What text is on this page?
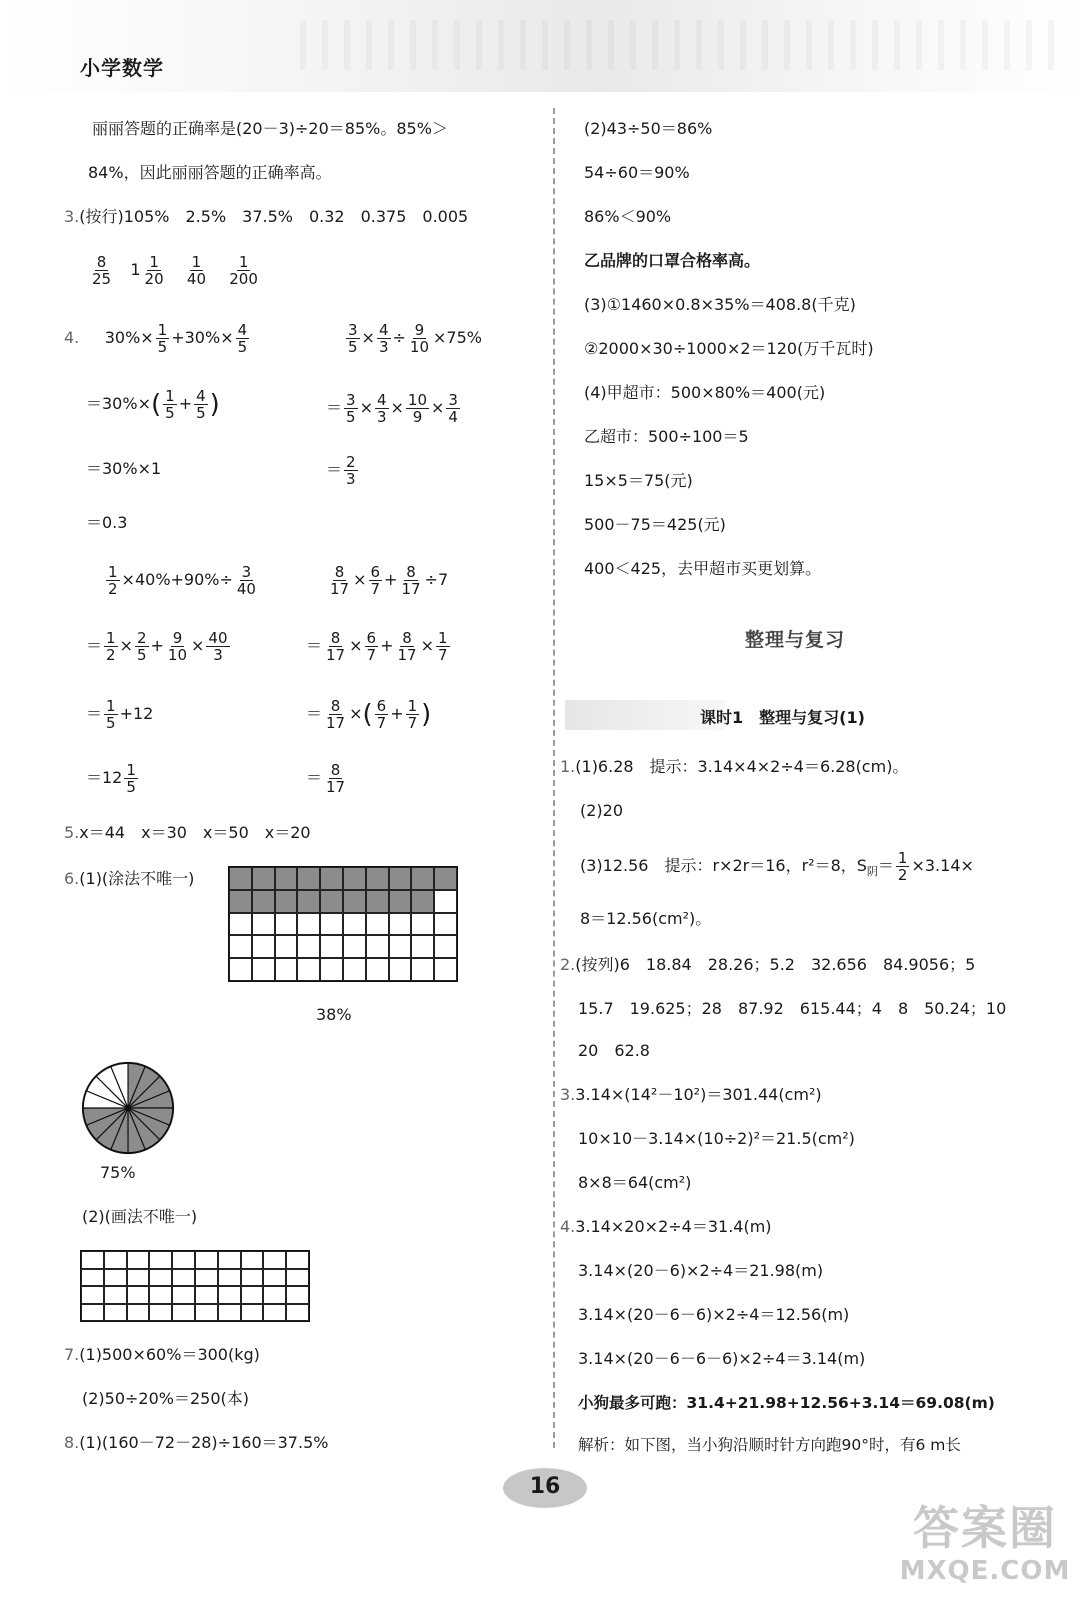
小学数学
丽丽答题的正确率是(20－3)÷20＝85%。85%＞
84%，因此丽丽答题的正确率高。
3.(按行)105%　2.5%　37.5%　0.32　0.375　0.005
$\frac{8}{25} 1 \frac{1}{20}$
$\frac{1}{40}$
$\frac{1}{200}$
4. $30\%\times \frac{1}{5} +30\%\times \frac{4}{5}$
$=30\%\times( \frac{1}{5} + \frac{4}{5}$ )
＝30%×1
＝0.3
$\frac{3}{5} \times \frac{4}{3} \div \frac{9}{10} \times 75\%$
＝ $\frac{3}{5} \times \frac{4}{3} \times \frac{10}{9} \times \frac{3}{4}$
＝ $\frac{2}{3}$
$\frac{1}{2} \times 40\%+90\%\div \frac{3}{40}$
＝ $\frac{1}{2} \times \frac{2}{5} + \frac{9}{10} \times \frac{40}{3}$
＝ $\frac{1}{5} +12$
$=12 \frac{1}{5}$
$\frac{8}{17} \times \frac{6}{7} + \frac{8}{17} \div 7$
＝ $\frac{8}{17} \times \frac{6}{7} + \frac{8}{17} \times \frac{1}{7}$
＝ $\frac{8}{17}$ ×( $\frac{6}{7} + \frac{1}{7}$ )
＝ $\frac{8}{17}$
5.x＝44　x＝30　x＝50　x＝20
6.(1)(涂法不唯一)
38%
75%
(2)(画法不唯一)
7.(1)500×60%＝300(kg)
(2)50÷20%＝250(本)
8.(1)(160－72－28)÷160＝37.5%
(2)43÷50＝86%
54÷60＝90%
86%＜90%
乙品牌的口罩合格率高。
(3)①1460×0.8×35%＝408.8(千克)
②2000×30÷1000×2＝120(万千瓦时)
(4)甲超市：500×80%＝400(元)
乙超市：500÷100＝5
15×5＝75(元)
500－75＝425(元)
400＜425，去甲超市买更划算。
整理与复习
课时1　整理与复习(1)
1.(1)6.28　提示：3.14×4×2÷4＝6.28(cm)。
(2)20
(3)12.56　提示：r×2r＝16，r²＝8，$S_阴= \frac{1}{2} \times 3.14\times$
8＝12.56(cm²)。
2.(按列)6　18.84　28.26；5.2　32.656　84.9056；5
15.7　19.625；28　87.92　615.44；4　8　50.24；10
20　62.8
3.3.14×(14²－10²)＝301.44(cm²)
10×10－3.14×(10÷2)²＝21.5(cm²)
8×8＝64(cm²)
4.3.14×20×2÷4＝31.4(m)
3.14×(20－6)×2÷4＝21.98(m)
3.14×(20－6－6)×2÷4＝12.56(m)
3.14×(20－6－6－6)×2÷4＝3.14(m)
小狗最多可跑：31.4+21.98+12.56+3.14＝69.08(m)
解析：如下图，当小狗沿顺时针方向跑90°时，有6 m长
16
答案圈
MXQE.COM
